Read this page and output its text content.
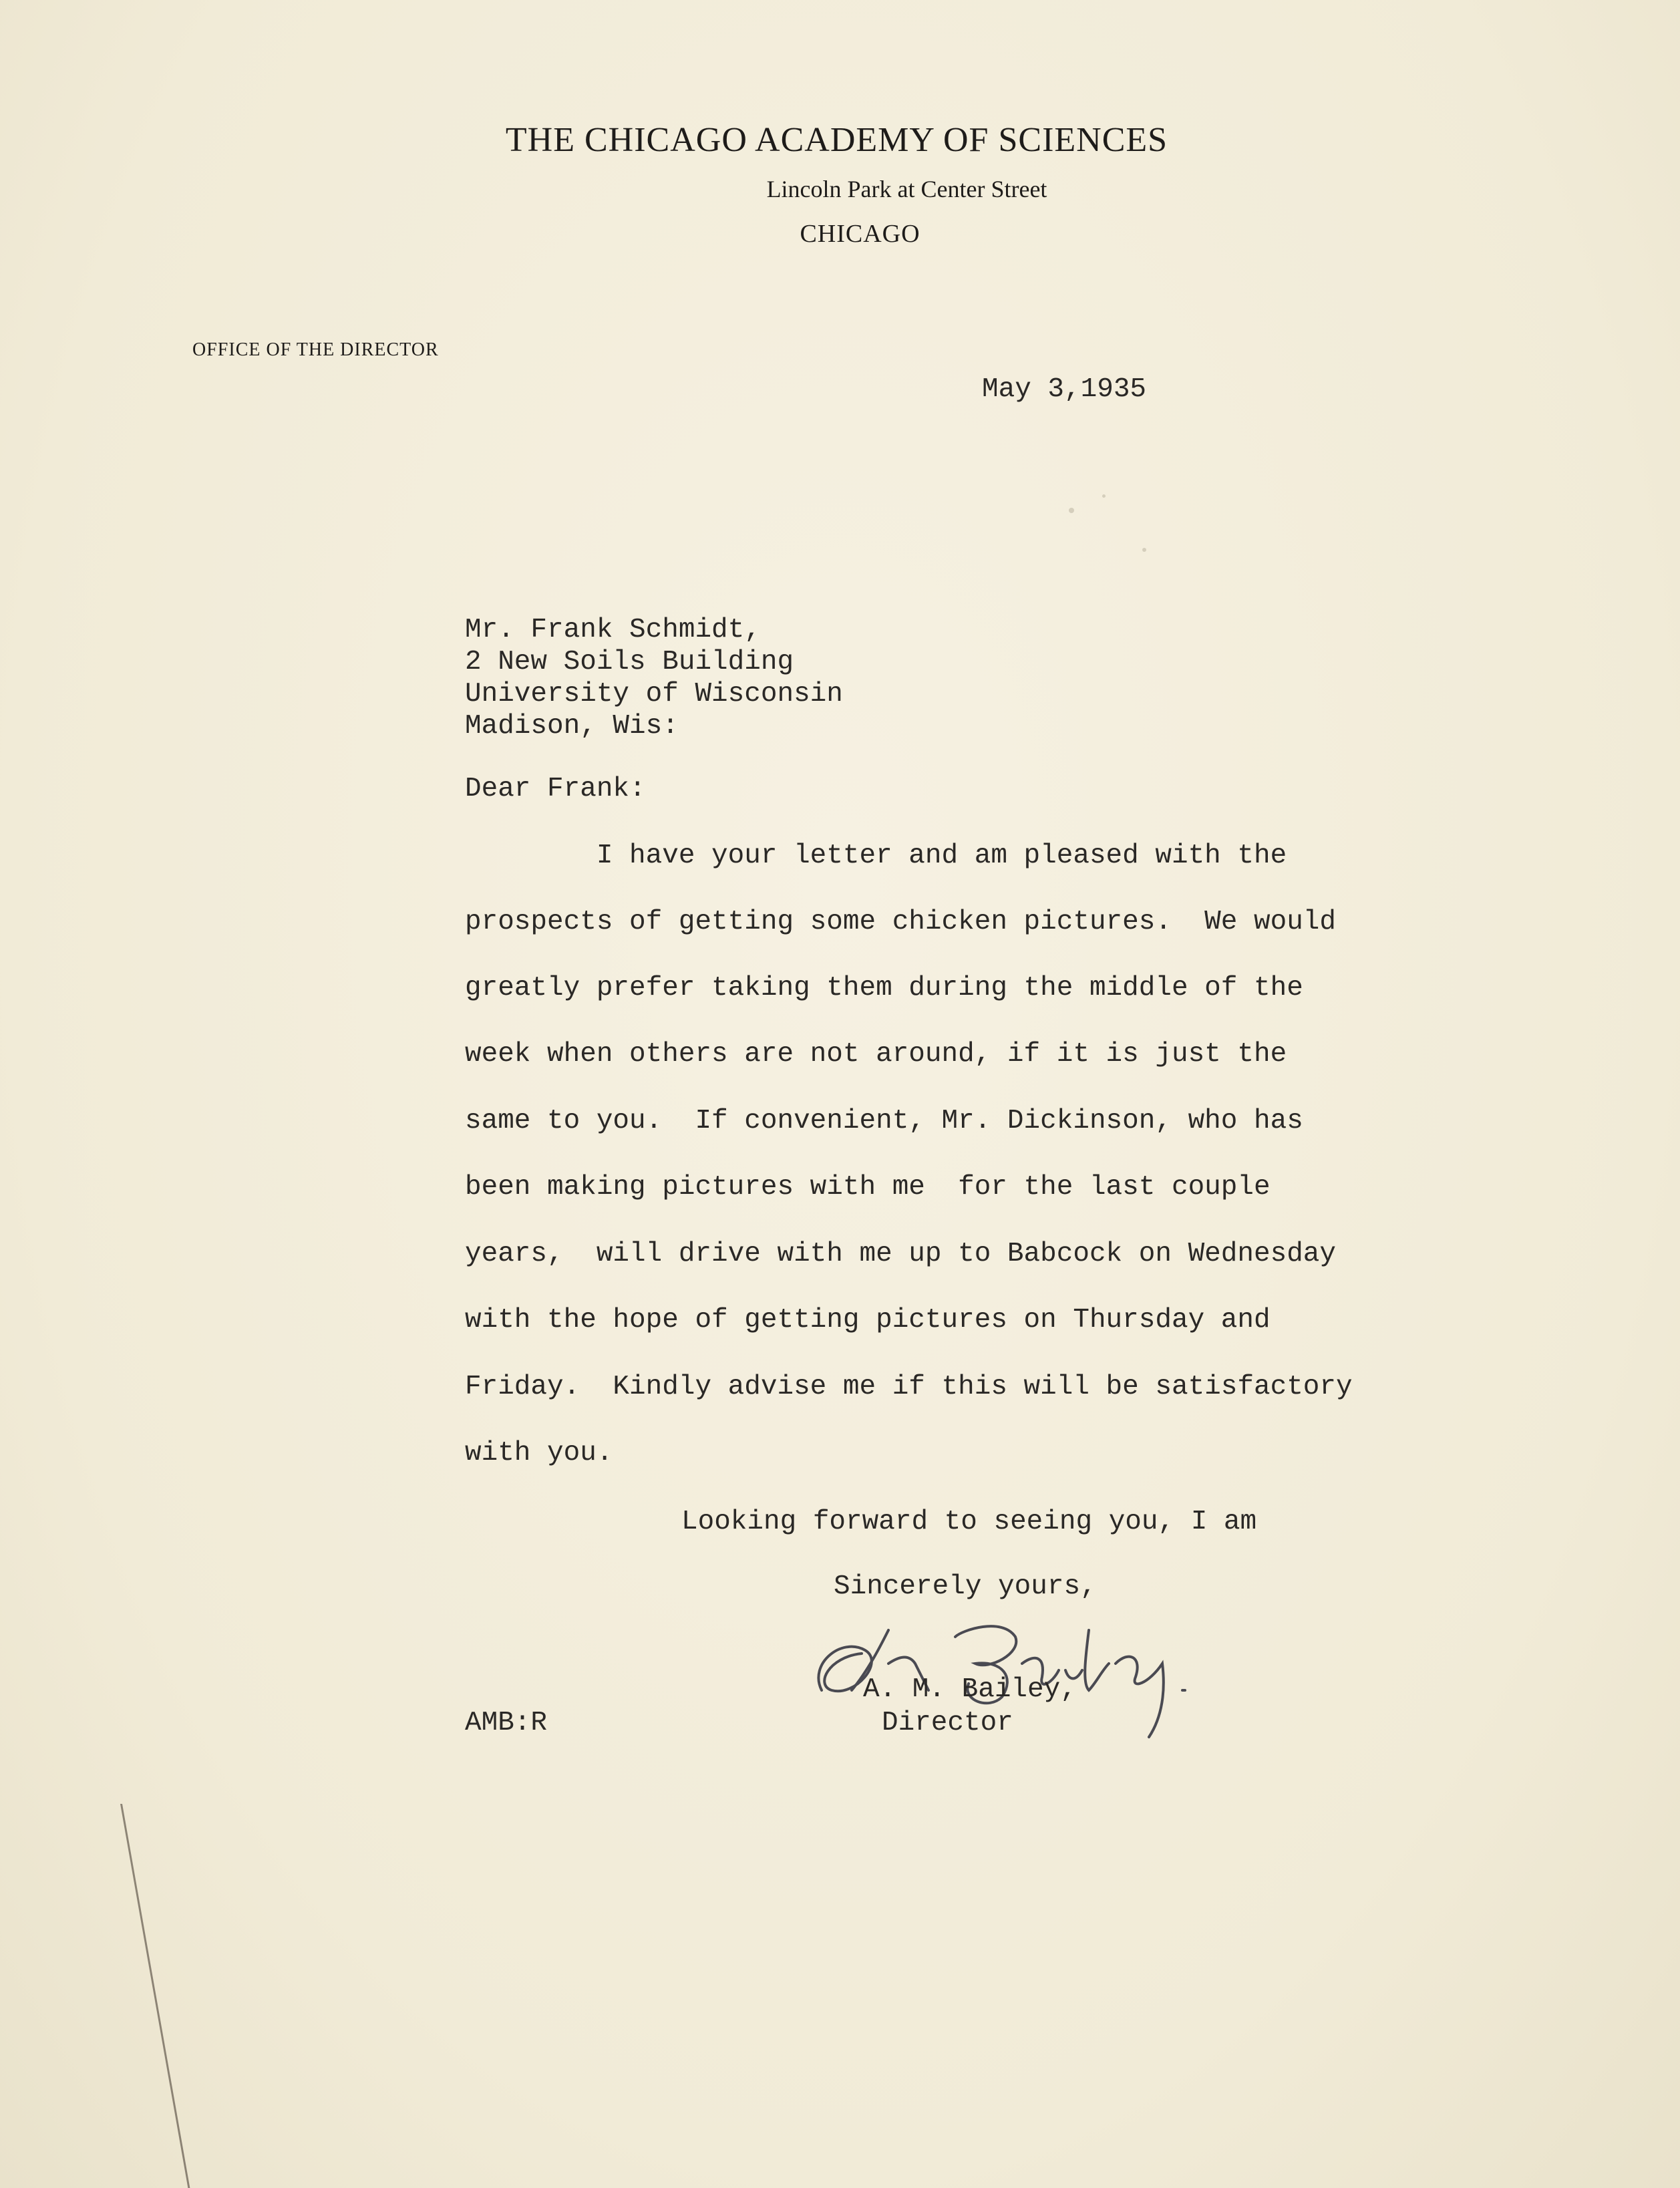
THE CHICAGO ACADEMY OF SCIENCES
Lincoln Park at Center Street
CHICAGO
OFFICE OF THE DIRECTOR
May 3,1935
Mr. Frank Schmidt,
2 New Soils Building
University of Wisconsin
Madison, Wis:
Dear Frank:
I have your letter and am pleased with the
prospects of getting some chicken pictures.  We would
greatly prefer taking them during the middle of the
week when others are not around, if it is just the
same to you.  If convenient, Mr. Dickinson, who has
been making pictures with me  for the last couple
years,  will drive with me up to Babcock on Wednesday
with the hope of getting pictures on Thursday and
Friday.  Kindly advise me if this will be satisfactory
with you.
Looking forward to seeing you, I am
Sincerely yours,
A. M. Bailey,
Director
AMB:R
